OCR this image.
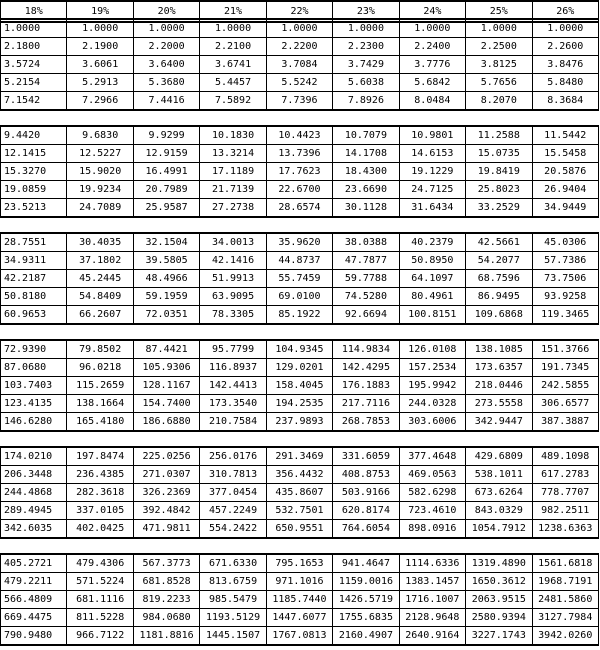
18%	19%	20%	21%	22%	23%	24%	25%	26%
1.0000	1.0000	1.0000	1.0000	1.0000	1.0000	1.0000	1.0000	1.0000
2.1800	2.1900	2.2000	2.2100	2.2200	2.2300	2.2400	2.2500	2.2600
3.5724	3.6061	3.6400	3.6741	3.7084	3.7429	3.7776	3.8125	3.8476
5.2154	5.2913	5.3680	5.4457	5.5242	5.6038	5.6842	5.7656	5.8480
7.1542	7.2966	7.4416	7.5892	7.7396	7.8926	8.0484	8.2070	8.3684
9.4420	9.6830	9.9299	10.1830	10.4423	10.7079	10.9801	11.2588	11.5442
12.1415	12.5227	12.9159	13.3214	13.7396	14.1708	14.6153	15.0735	15.5458
15.3270	15.9020	16.4991	17.1189	17.7623	18.4300	19.1229	19.8419	20.5876
19.0859	19.9234	20.7989	21.7139	22.6700	23.6690	24.7125	25.8023	26.9404
23.5213	24.7089	25.9587	27.2738	28.6574	30.1128	31.6434	33.2529	34.9449
28.7551	30.4035	32.1504	34.0013	35.9620	38.0388	40.2379	42.5661	45.0306
34.9311	37.1802	39.5805	42.1416	44.8737	47.7877	50.8950	54.2077	57.7386
42.2187	45.2445	48.4966	51.9913	55.7459	59.7788	64.1097	68.7596	73.7506
50.8180	54.8409	59.1959	63.9095	69.0100	74.5280	80.4961	86.9495	93.9258
60.9653	66.2607	72.0351	78.3305	85.1922	92.6694	100.8151	109.6868	119.3465
72.9390	79.8502	87.4421	95.7799	104.9345	114.9834	126.0108	138.1085	151.3766
87.0680	96.0218	105.9306	116.8937	129.0201	142.4295	157.2534	173.6357	191.7345
103.7403	115.2659	128.1167	142.4413	158.4045	176.1883	195.9942	218.0446	242.5855
123.4135	138.1664	154.7400	173.3540	194.2535	217.7116	244.0328	273.5558	306.6577
146.6280	165.4180	186.6880	210.7584	237.9893	268.7853	303.6006	342.9447	387.3887
174.0210	197.8474	225.0256	256.0176	291.3469	331.6059	377.4648	429.6809	489.1098
206.3448	236.4385	271.0307	310.7813	356.4432	408.8753	469.0563	538.1011	617.2783
244.4868	282.3618	326.2369	377.0454	435.8607	503.9166	582.6298	673.6264	778.7707
289.4945	337.0105	392.4842	457.2249	532.7501	620.8174	723.4610	843.0329	982.2511
342.6035	402.0425	471.9811	554.2422	650.9551	764.6054	898.0916	1054.7912	1238.6363
405.2721	479.4306	567.3773	671.6330	795.1653	941.4647	1114.6336	1319.4890	1561.6818
479.2211	571.5224	681.8528	813.6759	971.1016	1159.0016	1383.1457	1650.3612	1968.7191
566.4809	681.1116	819.2233	985.5479	1185.7440	1426.5719	1716.1007	2063.9515	2481.5860
669.4475	811.5228	984.0680	1193.5129	1447.6077	1755.6835	2128.9648	2580.9394	3127.7984
790.9480	966.7122	1181.8816	1445.1507	1767.0813	2160.4907	2640.9164	3227.1743	3942.0260
